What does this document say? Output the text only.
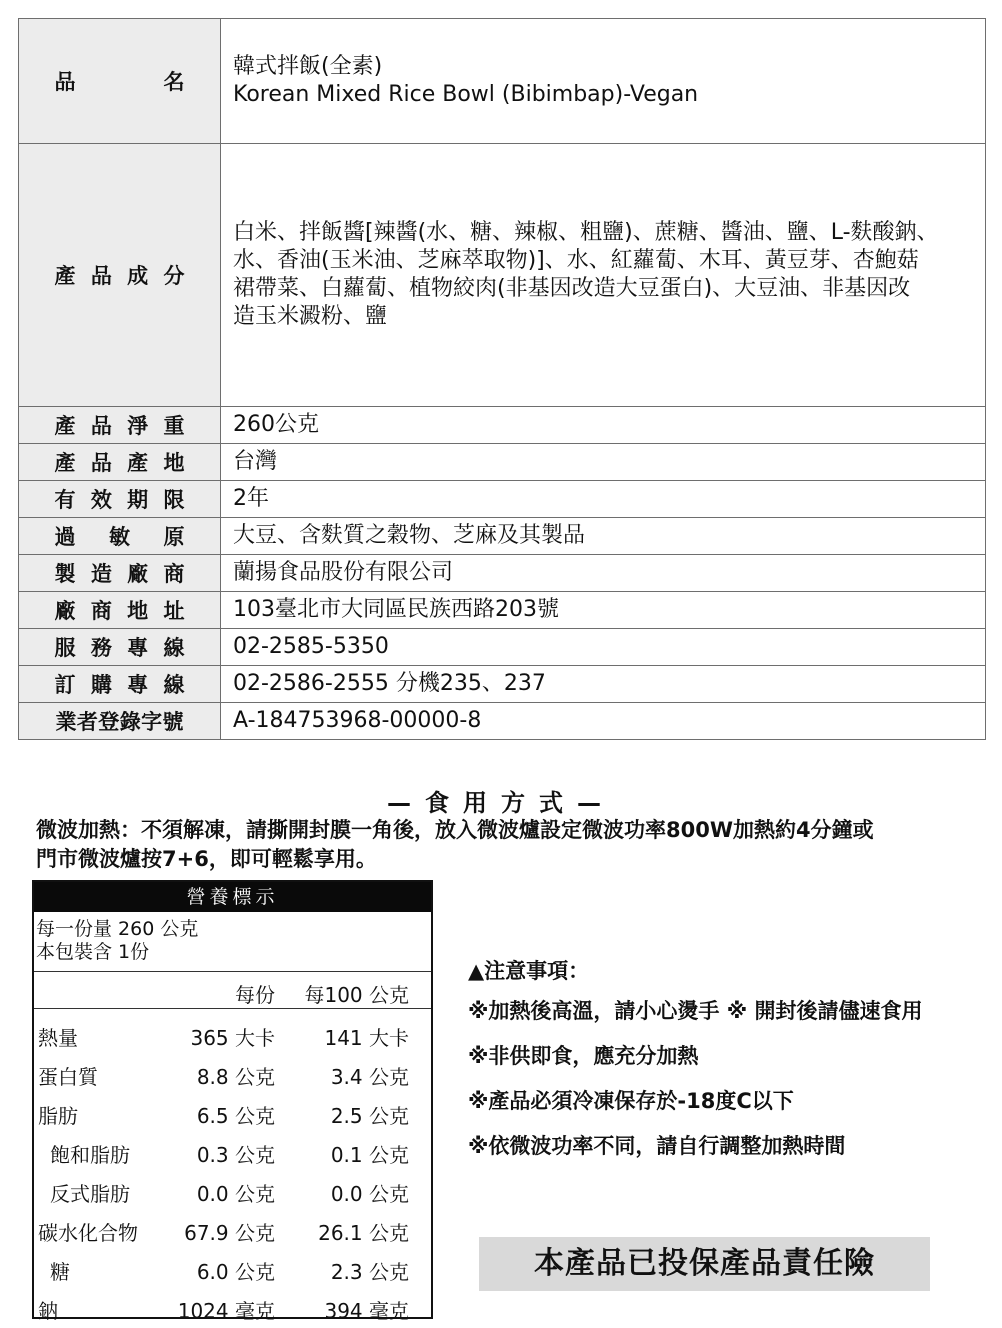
品　　名	韓式拌飯(全素)
Korean Mixed Rice Bowl (Bibimbap)-Vegan

產品成分	白米、拌飯醬[辣醬(水、糖、辣椒、粗鹽)、蔗糖、醬油、鹽、L-麩酸鈉、
水、香油(玉米油、芝麻萃取物)]、水、紅蘿蔔、木耳、黃豆芽、杏鮑菇
裙帶菜、白蘿蔔、植物絞肉(非基因改造大豆蛋白)、大豆油、非基因改
造玉米澱粉、鹽

產品淨重	260公克
產品產地	台灣
有效期限	2年
過敏原	大豆、含麩質之穀物、芝麻及其製品
製造廠商	蘭揚食品股份有限公司
廠商地址	103臺北市大同區民族西路203號
服務專線	02-2585-5350
訂購專線	02-2586-2555 分機235、237
業者登錄字號	A-184753968-00000-8
—食用方式—
微波加熱：不須解凍，請撕開封膜一角後，放入微波爐設定微波功率800W加熱約4分鐘或
門市微波爐按7+6，即可輕鬆享用。
營養標示
每一份量 260 公克
本包裝含 1份
每份 每100 公克
熱量	365 大卡 141 大卡
蛋白質	8.8 公克	3.4 公克
脂肪	6.5 公克	2.5 公克
飽和脂肪	0.3 公克	0.1 公克
反式脂肪	0.0 公克	0.0 公克
碳水化合物 67.9 公克 26.1 公克
糖	6.0 公克	2.3 公克
鈉	1024 毫克 394 毫克
▲注意事項：
※加熱後高溫，請小心燙手 ※ 開封後請儘速食用
※非供即食，應充分加熱
※產品必須冷凍保存於-18度C以下
※依微波功率不同，請自行調整加熱時間
本產品已投保產品責任險
